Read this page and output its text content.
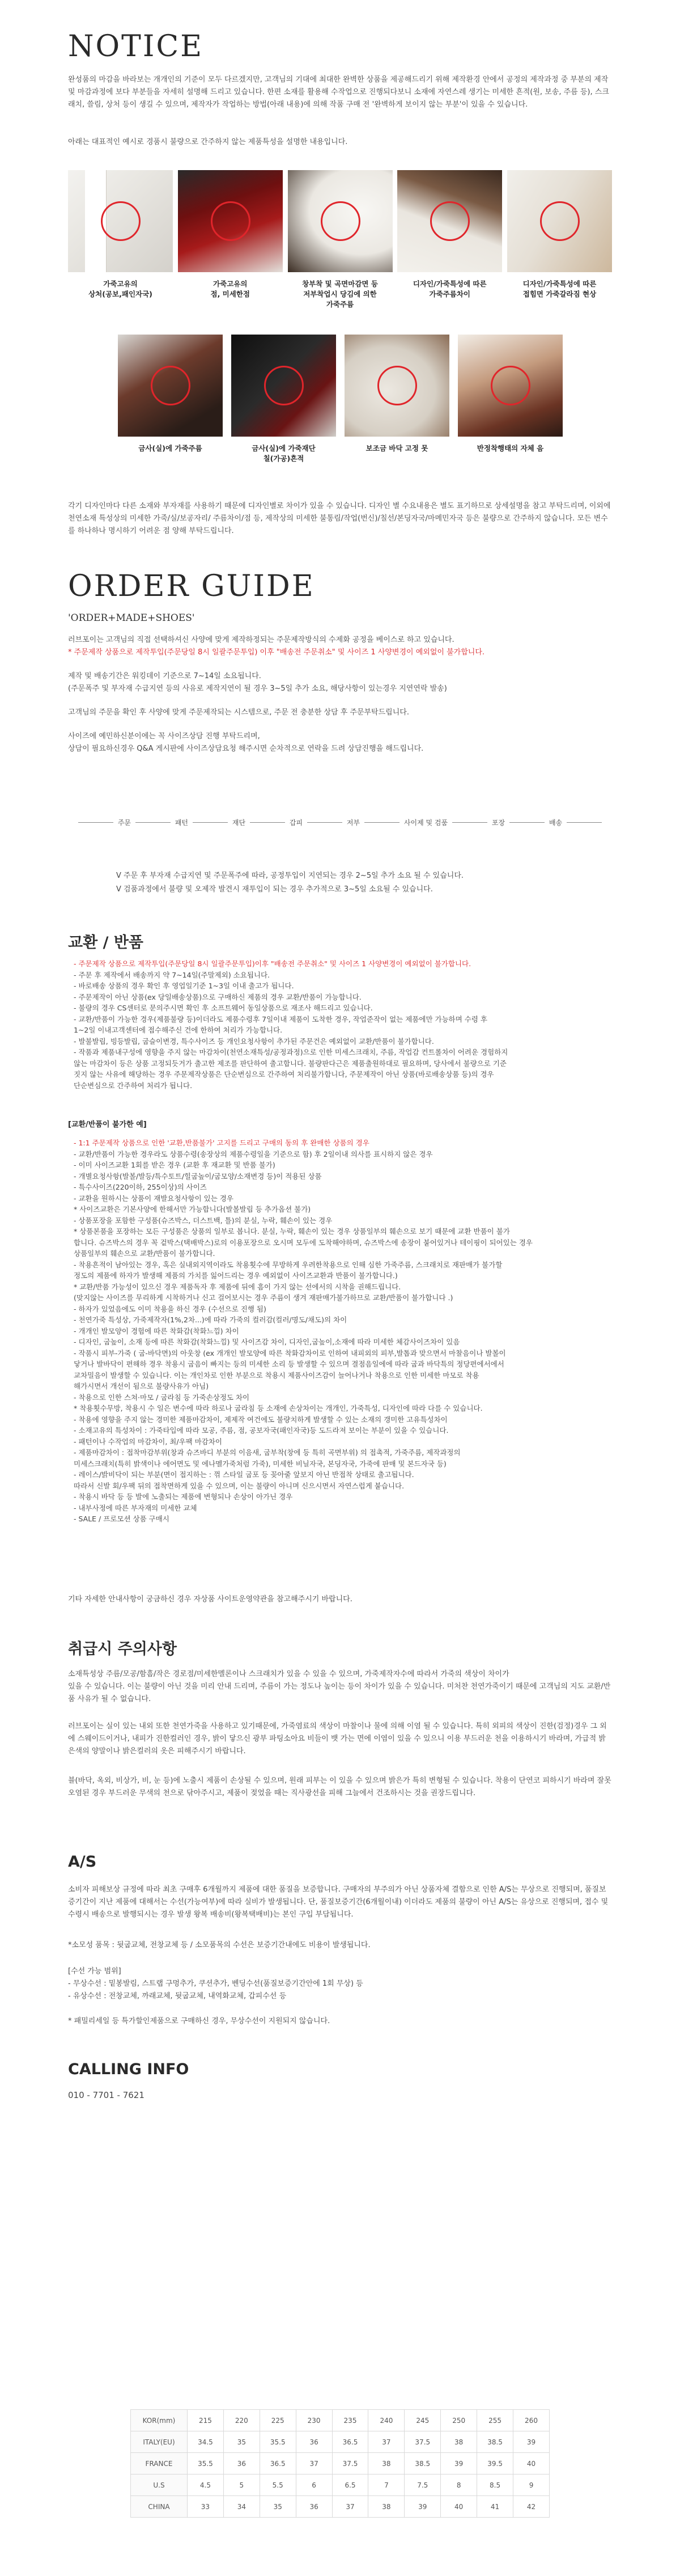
NOTICE

완성품의 마감을 바라보는 개개인의 기준이 모두 다르겠지만, 고객님의 기대에 최대한 완벽한 상품을 제공해드리기 위해 제작환경 안에서 공정의 제작과정 중 부분의 제작 및 마감과정에 보다 부분들을 자세히 설명해 드리고 있습니다. 한편 소재를 활용해 수작업으로 진행되다보니 소재에 자연스레 생기는 미세한 흔적(원, 보송, 주름 등), 스크래치, 쓸림, 상처 등이 생길 수 있으며, 제작자가 작업하는 방법(아래 내용)에 의해 작품 구매 전 '완벽하게 보이지 않는 부분'이 있을 수 있습니다.

아래는 대표적인 예시로 경품시 불량으로 간주하지 않는 제품특성을 설명한 내용입니다.

가죽고유의
상처(공보,패인자국)
가죽고유의
점, 미세한점
창부착 및 곡면마감면 등
저부착업시 당김에 의한
가죽주름
디자인/가죽특성에 따른
가죽주름차이
디자인/가죽특성에 따른
접힘면 가죽갈라짐 현상
금사(실)에 가죽주름	금사(실)에 가죽재단
칠(가공)흔적
보조금 바닥 고정 못	반정착행태의 자체 음

각기 디자인마다 다른 소재와 부자재를 사용하기 때문에 디자인별로 차이가 있을 수 있습니다. 디자인 별 수요내용은 별도 표기하므로 상세설명을 참고 부탁드리며, 이외에 천연소재 특성상의 미세한 가죽/실/보공자리/ 주름차이/점 등, 제작상의 미세한 불통림/작업(번신)/칠선/본딩자국/마메민자국 등은 불량으로 간주하지 않습니다. 모든 변수를 하나하나 명시하기 어려운 점 양해 부탁드립니다.

ORDER GUIDE
'ORDER+MADE+SHOES'

러브포이는 고객님의 직접 선택하셔신 사양에 맞게 제작하정되는 주문제작방식의 수제화 공정을 베이스로 하고 있습니다.

* 주문제작 상품으로 제작투입(주문당일 8시 일괄주문투입) 이후 "배송전 주문취소" 및 사이즈 1 사양변경이 예외없이 불가합니다.

제작 및 배송기간은 워킹데이 기준으로 7~14일 소요됩니다.

(주문폭주 및 부자재 수급지연 등의 사유로 제작지연이 될 경우 3~5일 추가 소요, 해당사항이 있는경우 지연연락 발송)

고객님의 주문을 확인 후 사양에 맞게 주문제작되는 시스템으로, 주문 전 충분한 상담 후 주문부탁드립니다.

사이즈에 예민하신분이에는 꼭 사이즈상담 진행 부탁드리며,

상담이 필요하신경우 Q&A 게시판에 사이즈상담요청 해주시면 순차적으로 연락을 드려 상담진행을 해드립니다.

주문	패턴	재단	갑피	저부	사이제 및 검품	포장	배송

V 주문 후 부자재 수급지연 및 주문폭주에 따라, 공정투입이 지연되는 경우 2~5일 추가 소요 될 수 있습니다.

V 검품과정에서 불량 및 오제작 발견시 재투입이 되는 경우 추가적으로 3~5일 소요될 수 있습니다.

교환 / 반품
- 주문제작 상품으로 제작투입(주문당일 8시 일괄주문투입)이후 "배송전 주문취소" 및 사이즈 1 사양변경이 예외없이 불가합니다.
- 주문 후 제작에서 배송까지 약 7~14일(주말제외) 소요됩니다.
- 바로배송 상품의 경우 확인 후 영업일기준 1~3일 이내 출고가 됩니다.
- 주문제작이 아닌 상품(ex 당일배송상품)으로 구매하신 제품의 경우 교환/반품이 가능합니다.
- 불량의 경우 CS센터로 문의주시면 확인 후 소프트웨어 동일상품으로 재조사 해드리고 있습니다.
- 교환/반품이 가능한 경우(제품불량 등)이더라도 제품수령후 7일이내 제품이 도착한 경우, 작업준작이 없는 제품에만 가능하며 수령 후
1~2일 이내고객센터에 접수해주신 건에 한하여 처리가 가능합니다.
- 발불발립, 빙등발립, 굽슬이변경, 특수사이즈 등 개인요청사항이 추가된 주문건은 예외없이 교환/반품이 불가합니다.
- 작품과 제품내구성에 영향을 주지 않는 마감차이(천연소재특성/공정과정)으로 인한 미세스크래치, 주름, 작업감 컨트롤차이 어려운 경험하지
않는 마감차이 등은 상품 고정되듯거가 출고한 제조를 판단하여 출고합니다. 불량판다근은 제품출원하대로 필요하며, 당사에서 불량으로 기준
짓지 않는 사유에 해당하는 경우 주문제작상품은 단순변심으로 간주하여 처리불가합니다, 주문제작이 아닌 상품(바로배송상품 등)의 경우
단순변심으로 간주하여 처리가 됩니다.
[교환/반품이 불가한 예]
- 1:1 주문제작 상품으로 인한 '교환,반품불가' 고지를 드리고 구매의 동의 후 완매한 상품의 경우
- 교환/반품이 가능한 경우라도 상품수령(송장상의 제품수령일을 기준으로 함) 후 2일이내 의사를 표시하지 않은 경우
- 이미 사이즈교환 1회를 받은 경우 (교환 후 재교환 및 반품 불가)
- 개별요청사항(발볼/발등/특수토트/힐굽높이/굽모양/소재변경 등)이 적용된 상품
- 특수사이즈(220이하, 255이상)의 사이즈
- 교환을 원하시는 상품이 재발요청사항이 있는 경우
* 사이즈교환은 기본사양에 한해서만 가능합니다(발볼발립 등 추가옵션 불가)
- 상품포장을 포함한 구성품(슈즈박스, 더스트백, 틀)의 분실, 누락, 훼손이 있는 경우
* 상품본품을 포장하는 모든 구성품은 상품의 일부로 봅니다. 분실, 누락, 훼손이 있는 경우 상품일부의 훼손으로 보기 때문에 교환 반품이 불가
합니다. 슈즈박스의 경우 꼭 겉박스(택배박스)로의 이용포장으로 오시며 모두에 도착해야하며, 슈즈박스에 송장이 붙어있거나 테이핑이 되어있는 경우
상품일부의 훼손으로 교환/반품이 불가합니다.
- 착용흔적이 남아있는 경우, 혹은 실내외지역이라도 착용횟수에 무방하게 우려한착용으로 인해 심한 가죽주름, 스크래치로 재판매가 불가할
정도의 제품에 하자가 발생해 제품의 가치를 잃어드리는 경우 예외없이 사이즈교환과 반품이 불가합니다.)
* 교환/반품 가능성이 있으신 경우 제품독자 후 제품에 뒤에 흠이 가지 않는 선에서의 시착을 권해드립니다.
(맞지않는 사이즈를 무리하게 시착하거나 신고 걸어보시는 경우 주름이 생겨 재판매가불가하므로 교환/반품이 불가합니다 .)
- 하자가 있었음에도 이미 착용을 하신 경우 (수선으로 진행 됨)
- 천연가죽 특성상, 가죽제작자(1%,2차...)에 따라 가죽의 컬러감(컬러/명도/채도)의 차이
- 개개인 발모양이 경험에 따른 착화감(착화느낌) 차이
- 디자인, 굽높이, 소재 등에 따른 착화감(착화느낌) 및 사이즈감 차이, 디자인,굽높이,소재에 따라 미세한 체감사이즈차이 있음
- 작품시 피부-가죽 ( 굽-바닥면)의 아웃창 (ex 개개인 발모양에 따른 착화감차이로 인하여 내피외의 피부,발톱과 맞으면서 마찰음이나 발볼이
닿거나 발바닥이 편해하 경우 착용시 굽음이 빠지는 등의 미세한 소리 등 발생할 수 있으며 결점음일에에 따라 굽과 바닥특의 정당편에서에서
교차밀음이 발생할 수 있습니다. 이는 개인차로 인한 부분으로 착용시 제품사이즈감이 늘어나거나 착용으로 인한 미세한 마모로 착용
해가시면서 개선이 됨으로 불량사유가 아님)
- 착용으로 인한 스쳐·마모 / 굽라침 등 가죽손상정도 차이
* 착용횟수무방, 착용시 수 일은 변수에 따라 하로나 굽라침 등 소재에 손상차이는 개개인, 가죽특성, 디자인에 따라 다를 수 있습니다.
- 착용에 영향을 주지 않는 경미한 제품마감차이, 제제작 여건에도 불량치하게 발생할 수 있는 소재의 갱미한 고유특성차이
- 소재고유의 특성차이 : 가죽타입에 따라 모공, 주름, 점, 공보자국(패인자국)등 도드라져 보이는 부분이 있을 수 있습니다.
- 패턴이나 수작업의 마감차이, 최/우팩 마감차이
- 제품마감차이 : 접착마감부위(창과 슈즈바디 부분의 이음새, 굽부착(창에 등 특히 곡면부위) 의 접촉적, 가죽주름, 제작과정의
미세스크래치(특히 밝색이나 에어면도 및 에나멜가죽처럼 가죽), 미세한 비닐자국, 본딩자국, 가죽에 판매 및 본드자국 등)
- 레이스/밝비닥이 되는 부분(면이 접지하는 : 꺾 스타일 굽포 등 꽂아줄 앞보지 아닌 반접착 상태로 출고됩니다.
따라서 신발 회/우팩 뒤의 접착면하게 있을 수 있으며, 이는 불량이 아니며 신으시면서 자연스럽게 붙습니다.
- 착용시 바닥 등 등 발에 노출되는 제품에 변형되나 손상이 아가닌 경우
- 내부사정에 따른 부자재의 미세한 교체
- SALE / 프로모션 상품 구매시

기타 자세한 안내사항이 궁금하신 경우 자상품 사이트운영약관을 참고해주시기 바랍니다.

취급시 주의사항

소재특성상 주름/모공/함흠/작은 경로점/미세한멜론이나 스크래치가 있을 수 있을 수 있으며, 가죽제작자수에 따라서 가죽의 색상이 차이가

있을 수 있습니다. 이는 불량이 아닌 것을 미리 안내 드리며, 주름이 가는 정도나 높이는 등이 차이가 있을 수 있습니다. 미처찬 천연가죽이기 때문에 고객님의 지도 교환/반품 사유가 될 수 없습니다.

러브포이는 실이 있는 내외 또한 천연가죽을 사용하고 있기때문에, 가죽염료의 색상이 마찰이나 물에 의해 이염 될 수 있습니다. 특히 외피의 색상이 진한(검정)경우 그 외에 스웨이드이거나, 내피가 진한컬러인 경우, 밝이 닿으신 광부 파팅소아요 비들이 뱃 가는 면에 이염이 있을 수 있으니 이용 부드러운 천을 이용하시기 바라며, 가급적 밝은색의 양말이나 밝은컬러의 옷은 피해주시기 바랍니다.

블(바닥, 옥외, 비상가, 비, 눈 등)에 노출시 제품이 손상될 수 있으며, 원래 피부는 이 있을 수 있으며 밝은가 특히 변형될 수 있습니다. 착용이 단연코 피하시기 바라며 잘못 오염된 경우 부드러운 무색의 천으로 닦아주시고, 제품이 젖었을 때는 직사광선을 피해 그늘에서 건조하시는 것을 권장드립니다.

A/S

소비자 피해보상 규정에 따라 최초 구매후 6개월까지 제품에 대한 품질을 보증합니다. 구매자의 부주의가 아닌 상품자체 결함으로 인한 A/S는 무상으로 진행되며, 품질보증기간이 지난 제품에 대해서는 수선(가능여부)에 따라 실비가 발생됩니다. 단, 품질보증기간(6개월이내) 이더라도 제품의 불량이 아닌 A/S는 유상으로 진행되며, 접수 및 수령시 배송으로 발행되시는 경우 발생 왕복 배송비(왕복택배비)는 본인 구입 부담됩니다.

*소모성 품목 : 뒷굽교체, 전창교체 등 / 소모품목의 수선은 보증기간내에도 비용이 발생됩니다.

[수선 가능 범위]

- 무상수선 : 밑봉발림, 스트랩 구멍추가, 쿠션추가, 벤딩수선(품질보증기간안에 1회 무상) 등

- 유상수선 : 전창교체, 까래교체, 뒷굽교체, 내역화교체, 갑피수선 등

* 패밀리세일 등 특가할인제품으로 구매하신 경우, 무상수선이 지원되지 않습니다.

CALLING INFO
010 - 7701 - 7621
KOR(mm)	215	220	225	230	235	240	245	250	255	260
ITALY(EU)	34.5	35	35.5	36	36.5	37	37.5	38	38.5	39
FRANCE	35.5	36	36.5	37	37.5	38	38.5	39	39.5	40
U.S	4.5	5	5.5	6	6.5	7	7.5	8	8.5	9
CHINA	33	34	35	36	37	38	39	40	41	42
